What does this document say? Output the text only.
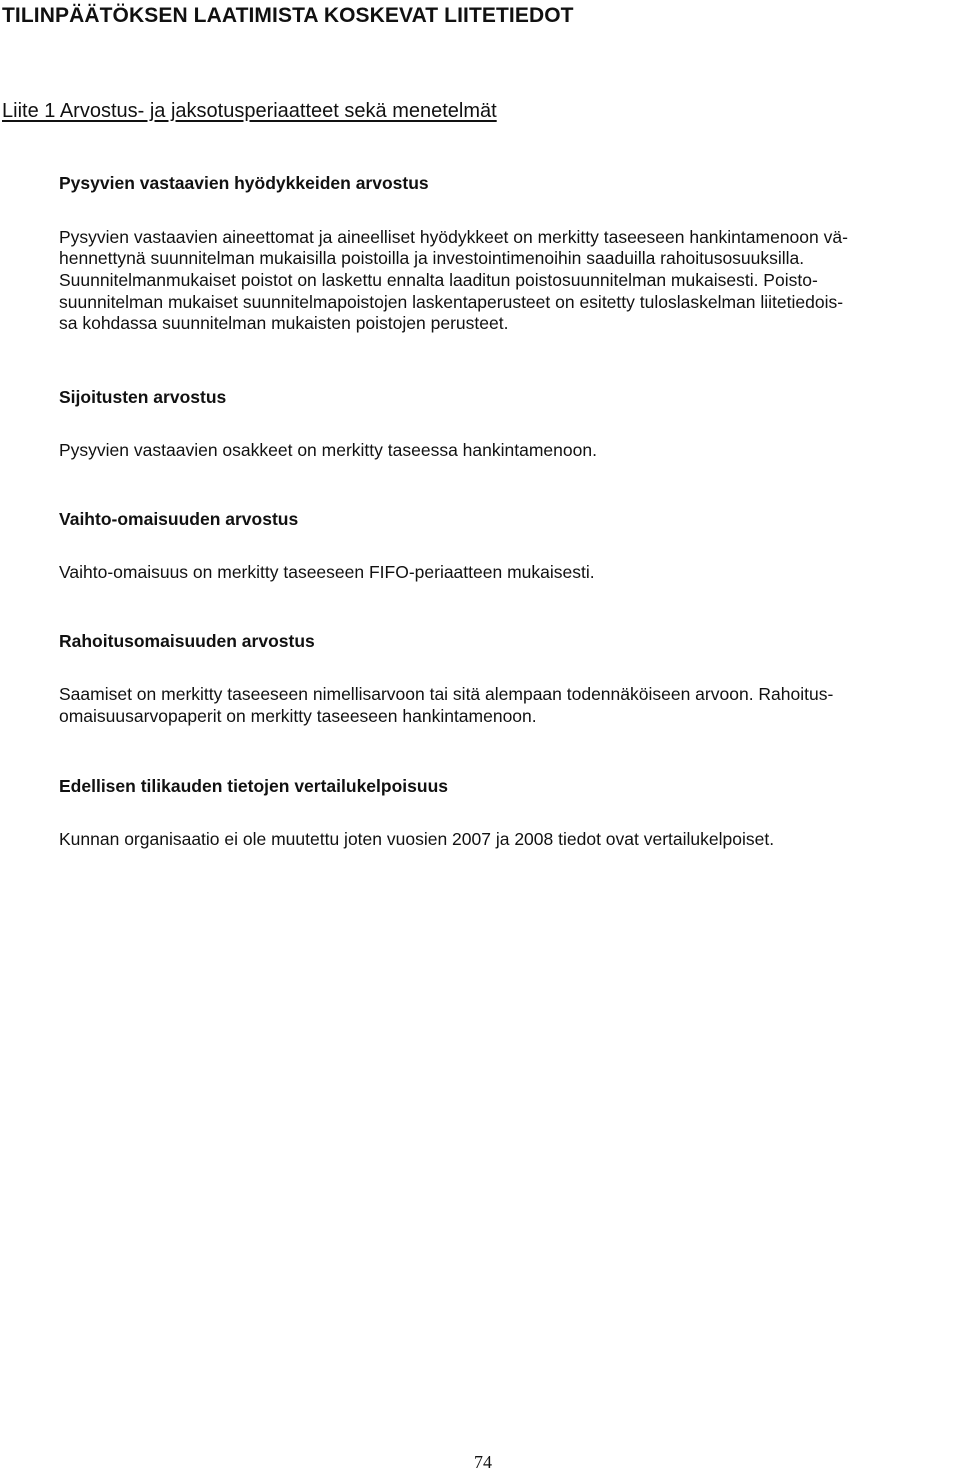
TILINPÄÄTÖKSEN LAATIMISTA KOSKEVAT LIITETIEDOT
Liite 1 Arvostus- ja jaksotusperiaatteet sekä menetelmät
Pysyvien vastaavien hyödykkeiden arvostus

Pysyvien vastaavien aineettomat ja aineelliset hyödykkeet on merkitty taseeseen hankintamenoon vä-

hennettynä suunnitelman mukaisilla poistoilla ja investointimenoihin saaduilla rahoitusosuuksilla.

Suunnitelmanmukaiset poistot on laskettu ennalta laaditun poistosuunnitelman mukaisesti. Poisto-

suunnitelman mukaiset suunnitelmapoistojen laskentaperusteet on esitetty tuloslaskelman liitetiedois-

sa kohdassa suunnitelman mukaisten poistojen perusteet.

Sijoitusten arvostus

Pysyvien vastaavien osakkeet on merkitty taseessa hankintamenoon.

Vaihto-omaisuuden arvostus

Vaihto-omaisuus on merkitty taseeseen FIFO-periaatteen mukaisesti.

Rahoitusomaisuuden arvostus

Saamiset on merkitty taseeseen nimellisarvoon tai sitä alempaan todennäköiseen arvoon. Rahoitus-

omaisuusarvopaperit on merkitty taseeseen hankintamenoon.

Edellisen tilikauden tietojen vertailukelpoisuus

Kunnan organisaatio ei ole muutettu joten vuosien 2007 ja 2008 tiedot ovat vertailukelpoiset.

74
